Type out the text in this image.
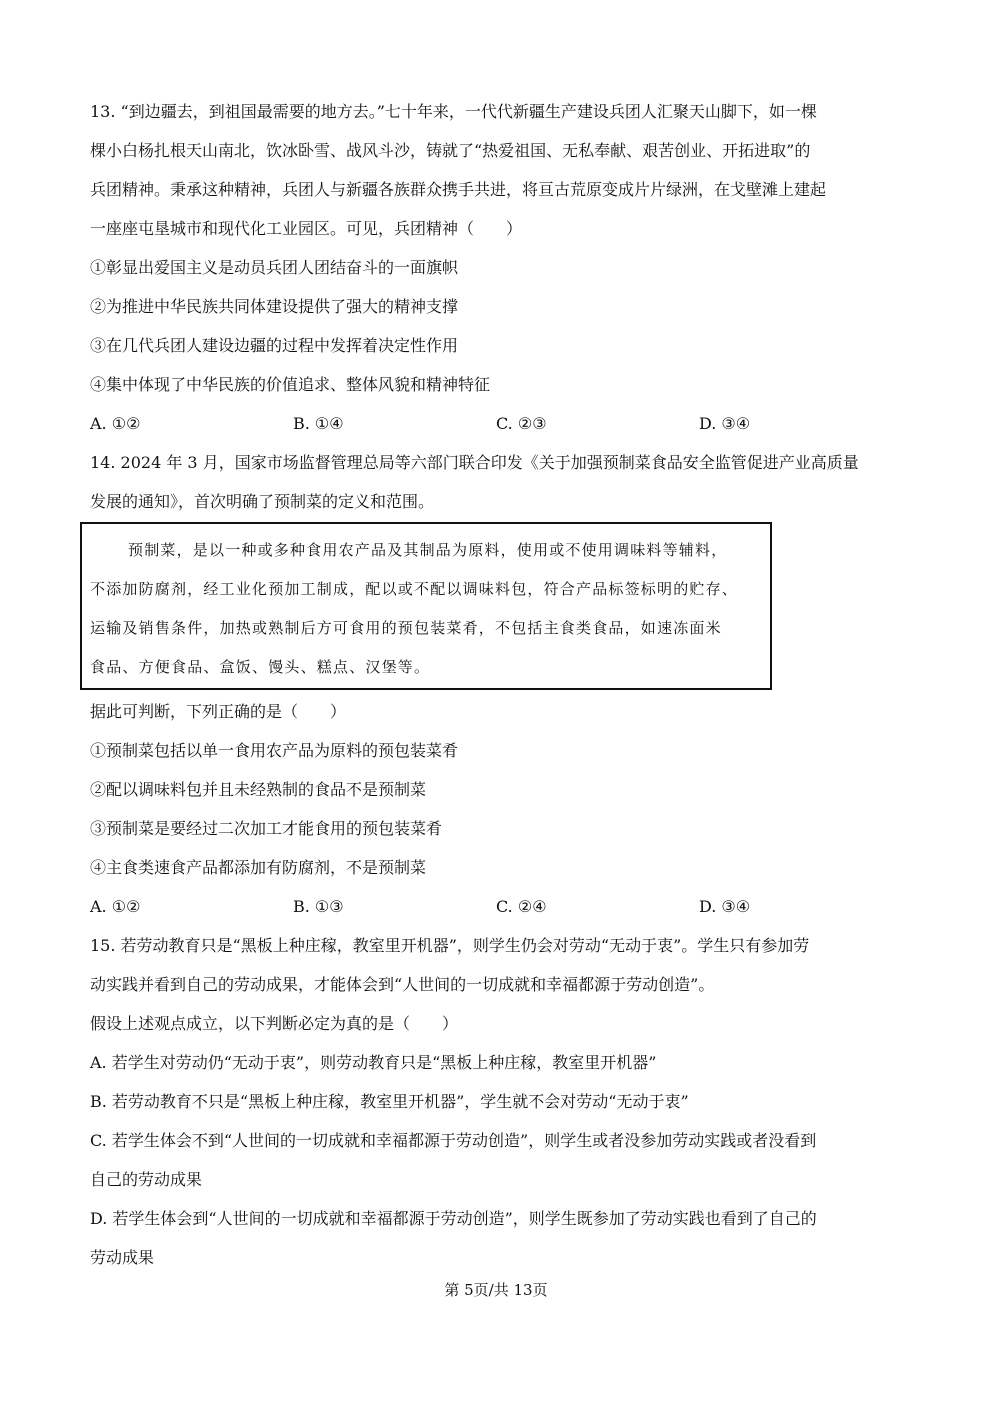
13. “到边疆去，到祖国最需要的地方去。”七十年来，一代代新疆生产建设兵团人汇聚天山脚下，如一棵
棵小白杨扎根天山南北，饮冰卧雪、战风斗沙，铸就了“热爱祖国、无私奉献、艰苦创业、开拓进取”的
兵团精神。秉承这种精神，兵团人与新疆各族群众携手共进，将亘古荒原变成片片绿洲，在戈壁滩上建起
一座座屯垦城市和现代化工业园区。可见，兵团精神（　　）
①彰显出爱国主义是动员兵团人团结奋斗的一面旗帜
②为推进中华民族共同体建设提供了强大的精神支撑
③在几代兵团人建设边疆的过程中发挥着决定性作用
④集中体现了中华民族的价值追求、整体风貌和精神特征
A. ①②	B. ①④	C. ②③	D. ③④
14. 2024 年 3 月，国家市场监督管理总局等六部门联合印发《关于加强预制菜食品安全监管促进产业高质量
发展的通知》，首次明确了预制菜的定义和范围。
预制菜，是以一种或多种食用农产品及其制品为原料，使用或不使用调味料等辅料，
不添加防腐剂，经工业化预加工制成，配以或不配以调味料包，符合产品标签标明的贮存、
运输及销售条件，加热或熟制后方可食用的预包装菜肴，不包括主食类食品，如速冻面米
食品、方便食品、盒饭、馒头、糕点、汉堡等。
据此可判断，下列正确的是（　　）
①预制菜包括以单一食用农产品为原料的预包装菜肴
②配以调味料包并且未经熟制的食品不是预制菜
③预制菜是要经过二次加工才能食用的预包装菜肴
④主食类速食产品都添加有防腐剂，不是预制菜
A. ①②	B. ①③	C. ②④	D. ③④
15. 若劳动教育只是“黑板上种庄稼，教室里开机器”，则学生仍会对劳动“无动于衷”。学生只有参加劳
动实践并看到自己的劳动成果，才能体会到“人世间的一切成就和幸福都源于劳动创造”。
假设上述观点成立，以下判断必定为真的是（　　）
A. 若学生对劳动仍“无动于衷”，则劳动教育只是“黑板上种庄稼，教室里开机器”
B. 若劳动教育不只是“黑板上种庄稼，教室里开机器”，学生就不会对劳动“无动于衷”
C. 若学生体会不到“人世间的一切成就和幸福都源于劳动创造”，则学生或者没参加劳动实践或者没看到
自己的劳动成果
D. 若学生体会到“人世间的一切成就和幸福都源于劳动创造”，则学生既参加了劳动实践也看到了自己的
劳动成果
第 5页/共 13页
